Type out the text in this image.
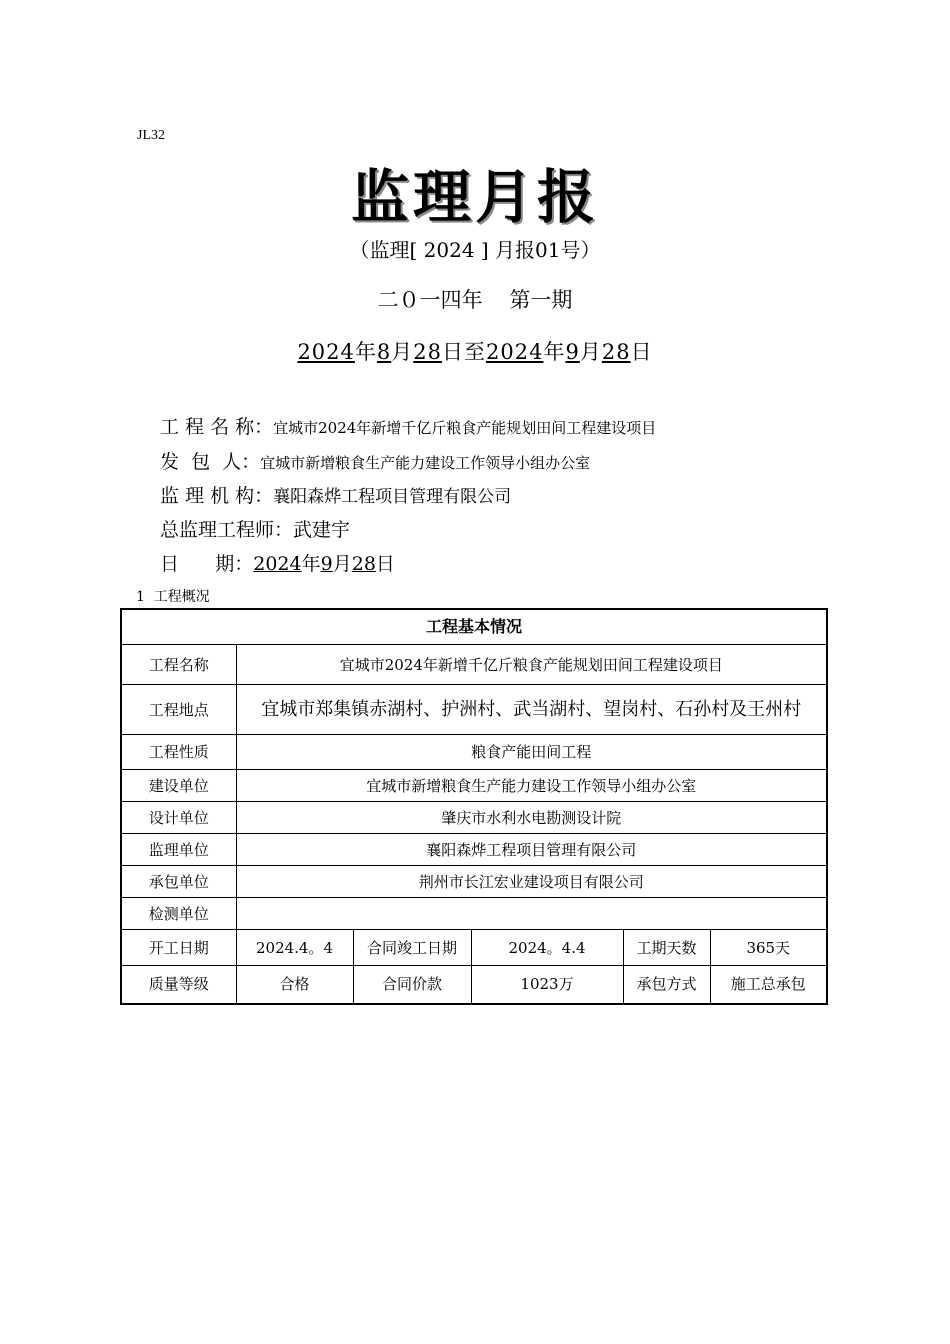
JL32
监理月报
（监理[ 2024 ] 月报01号）
二０一四年    第一期
2024年8月28日至2024年9月28日
工 程 名 称：宜城市2024年新增千亿斤粮食产能规划田间工程建设项目
发  包  人：宜城市新增粮食生产能力建设工作领导小组办公室
监 理 机 构：襄阳森烨工程项目管理有限公司
总监理工程师：武建宇
日      期：2024年9月28日
1  工程概况
工程基本情况					
工程名称	宜城市2024年新增千亿斤粮食产能规划田间工程建设项目				
工程地点	宜城市郑集镇赤湖村、护洲村、武当湖村、望岗村、石孙村及王州村				
工程性质	粮食产能田间工程				
建设单位	宜城市新增粮食生产能力建设工作领导小组办公室				
设计单位	肇庆市水利水电勘测设计院				
监理单位	襄阳森烨工程项目管理有限公司				
承包单位	荆州市长江宏业建设项目有限公司				
检测单位					
开工日期	2024.4。4	合同竣工日期	2024。4.4	工期天数	365天
质量等级	合格	合同价款	1023万	承包方式	施工总承包
